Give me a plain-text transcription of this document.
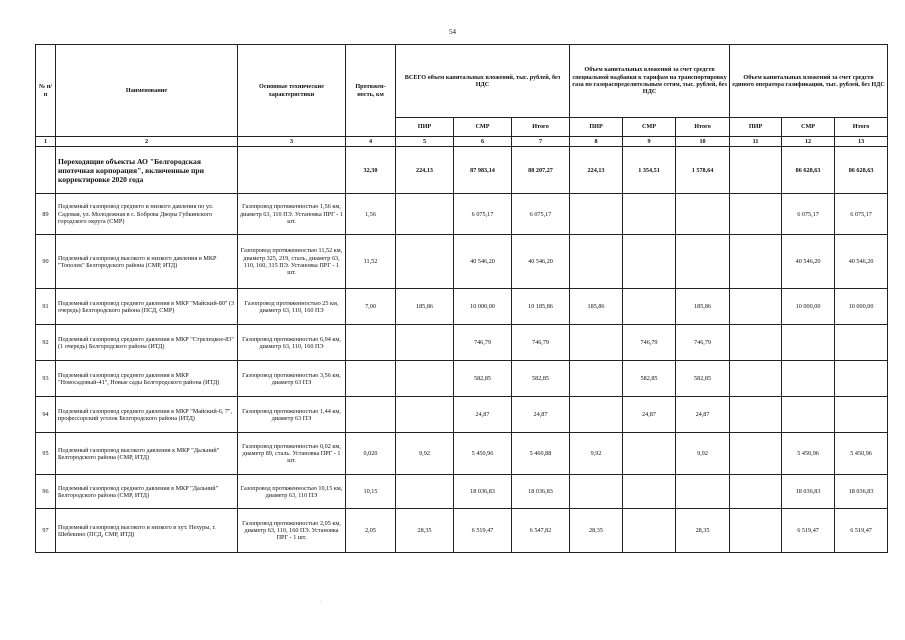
54
№ п/п	Наименование	Основные технические характеристики	Протяжен-ность, км	ВСЕГО объем капитальных вложений, тыс. рублей, без НДС			Объем капитальных вложений за счет средств специальной надбавки к тарифам на транспортировку газа по газораспределительным сетям, тыс. рублей, без НДС			Объем капитальных вложений за счет средств единого оператора газификации, тыс. рублей, без НДС		
				ПИР	СМР	Итого	ПИР	СМР	Итого	ПИР	СМР	Итого
1	2	3	4	5	6	7	8	9	10	11	12	13
	Переходящие объекты АО "Белгородская ипотечная корпорация", включенные при корректировке 2020 года		32,30	224,13	87 983,14	88 207,27	224,13	1 354,51	1 578,64		86 628,63	86 628,63
89	Подземный газопровод среднего и низкого давления по ул. Садовая, ул. Молодежная в с. Боброва Дворы Губкинского городского округа (СМР)	Газопровод протяженностью 1,56 км, диаметр 63, 110 ПЭ. Установка ПРГ - 1 шт.	1,56		6 075,17	6 075,17					6 075,17	6 075,17
90	Подземный газопровод высокого и низкого давления в МКР "Тополек" Белгородского района (СМР, ИТД)	Газопровод протяженностью 11,52 км, диаметр 325, 219, сталь, диаметр 63, 110, 160, 315 ПЭ. Установка ПРГ - 1 шт.	11,52		40 546,20	40 546,20					40 546,20	40 546,20
91	Подземный газопровод среднего давления в МКР "Майский-80" (3 очередь) Белгородского района (ПСД, СМР)	Газопровод протяженностью 25 км, диаметр 63, 110, 160 ПЭ	7,00	185,86	10 000,00	10 185,86	185,86		185,86		10 000,00	10 000,00
92	Подземный газопровод среднего давления в МКР "Стрелецкое-83" (1 очередь) Белгородского района (ИТД)	Газопровод протяженностью 6,94 км, диаметр 63, 110, 160 ПЭ			746,79	746,79		746,79	746,79			
93	Подземный газопровод среднего давления в МКР "Новосадовый-41", Новые сады Белгородского района (ИТД)	Газопровод протяженностью 3,56 км, диаметр 63 ПЭ			582,85	582,85		582,85	582,85			
94	Подземный газопровод среднего давления в МКР "Майский-6, 7", профессорский уголок Белгородского района (ИТД)	Газопровод протяженностью 1,44 км, диаметр 63 ПЭ			24,87	24,87		24,87	24,87			
95	Подземный газопровод высокого давления к МКР "Дальний" Белгородского района (СМР, ИТД)	Газопровод протяженностью 0,02 км, диаметр 89, сталь. Установка ПРГ - 1 шт.	0,020	9,92	5 450,96	5 460,88	9,92		9,92		5 450,96	5 450,96
96	Подземный газопровод среднего давления в МКР "Дальний" Белгородского района (СМР, ИТД)	Газопровод протяженностью 10,15 км, диаметр 63, 110 ПЭ	10,15		18 036,83	18 036,83					18 036,83	18 036,83
97	Подземный газопровод высокого и низкого в хут. Нехуры, г. Шебекино (ПСД, СМР, ИТД)	Газопровод протяженностью 2,05 км, диаметр 63, 110, 160 ПЭ. Установка ПРГ - 1 шт.	2,05	28,35	6 519,47	6 547,82	28,35		28,35		6 519,47	6 519,47
.
